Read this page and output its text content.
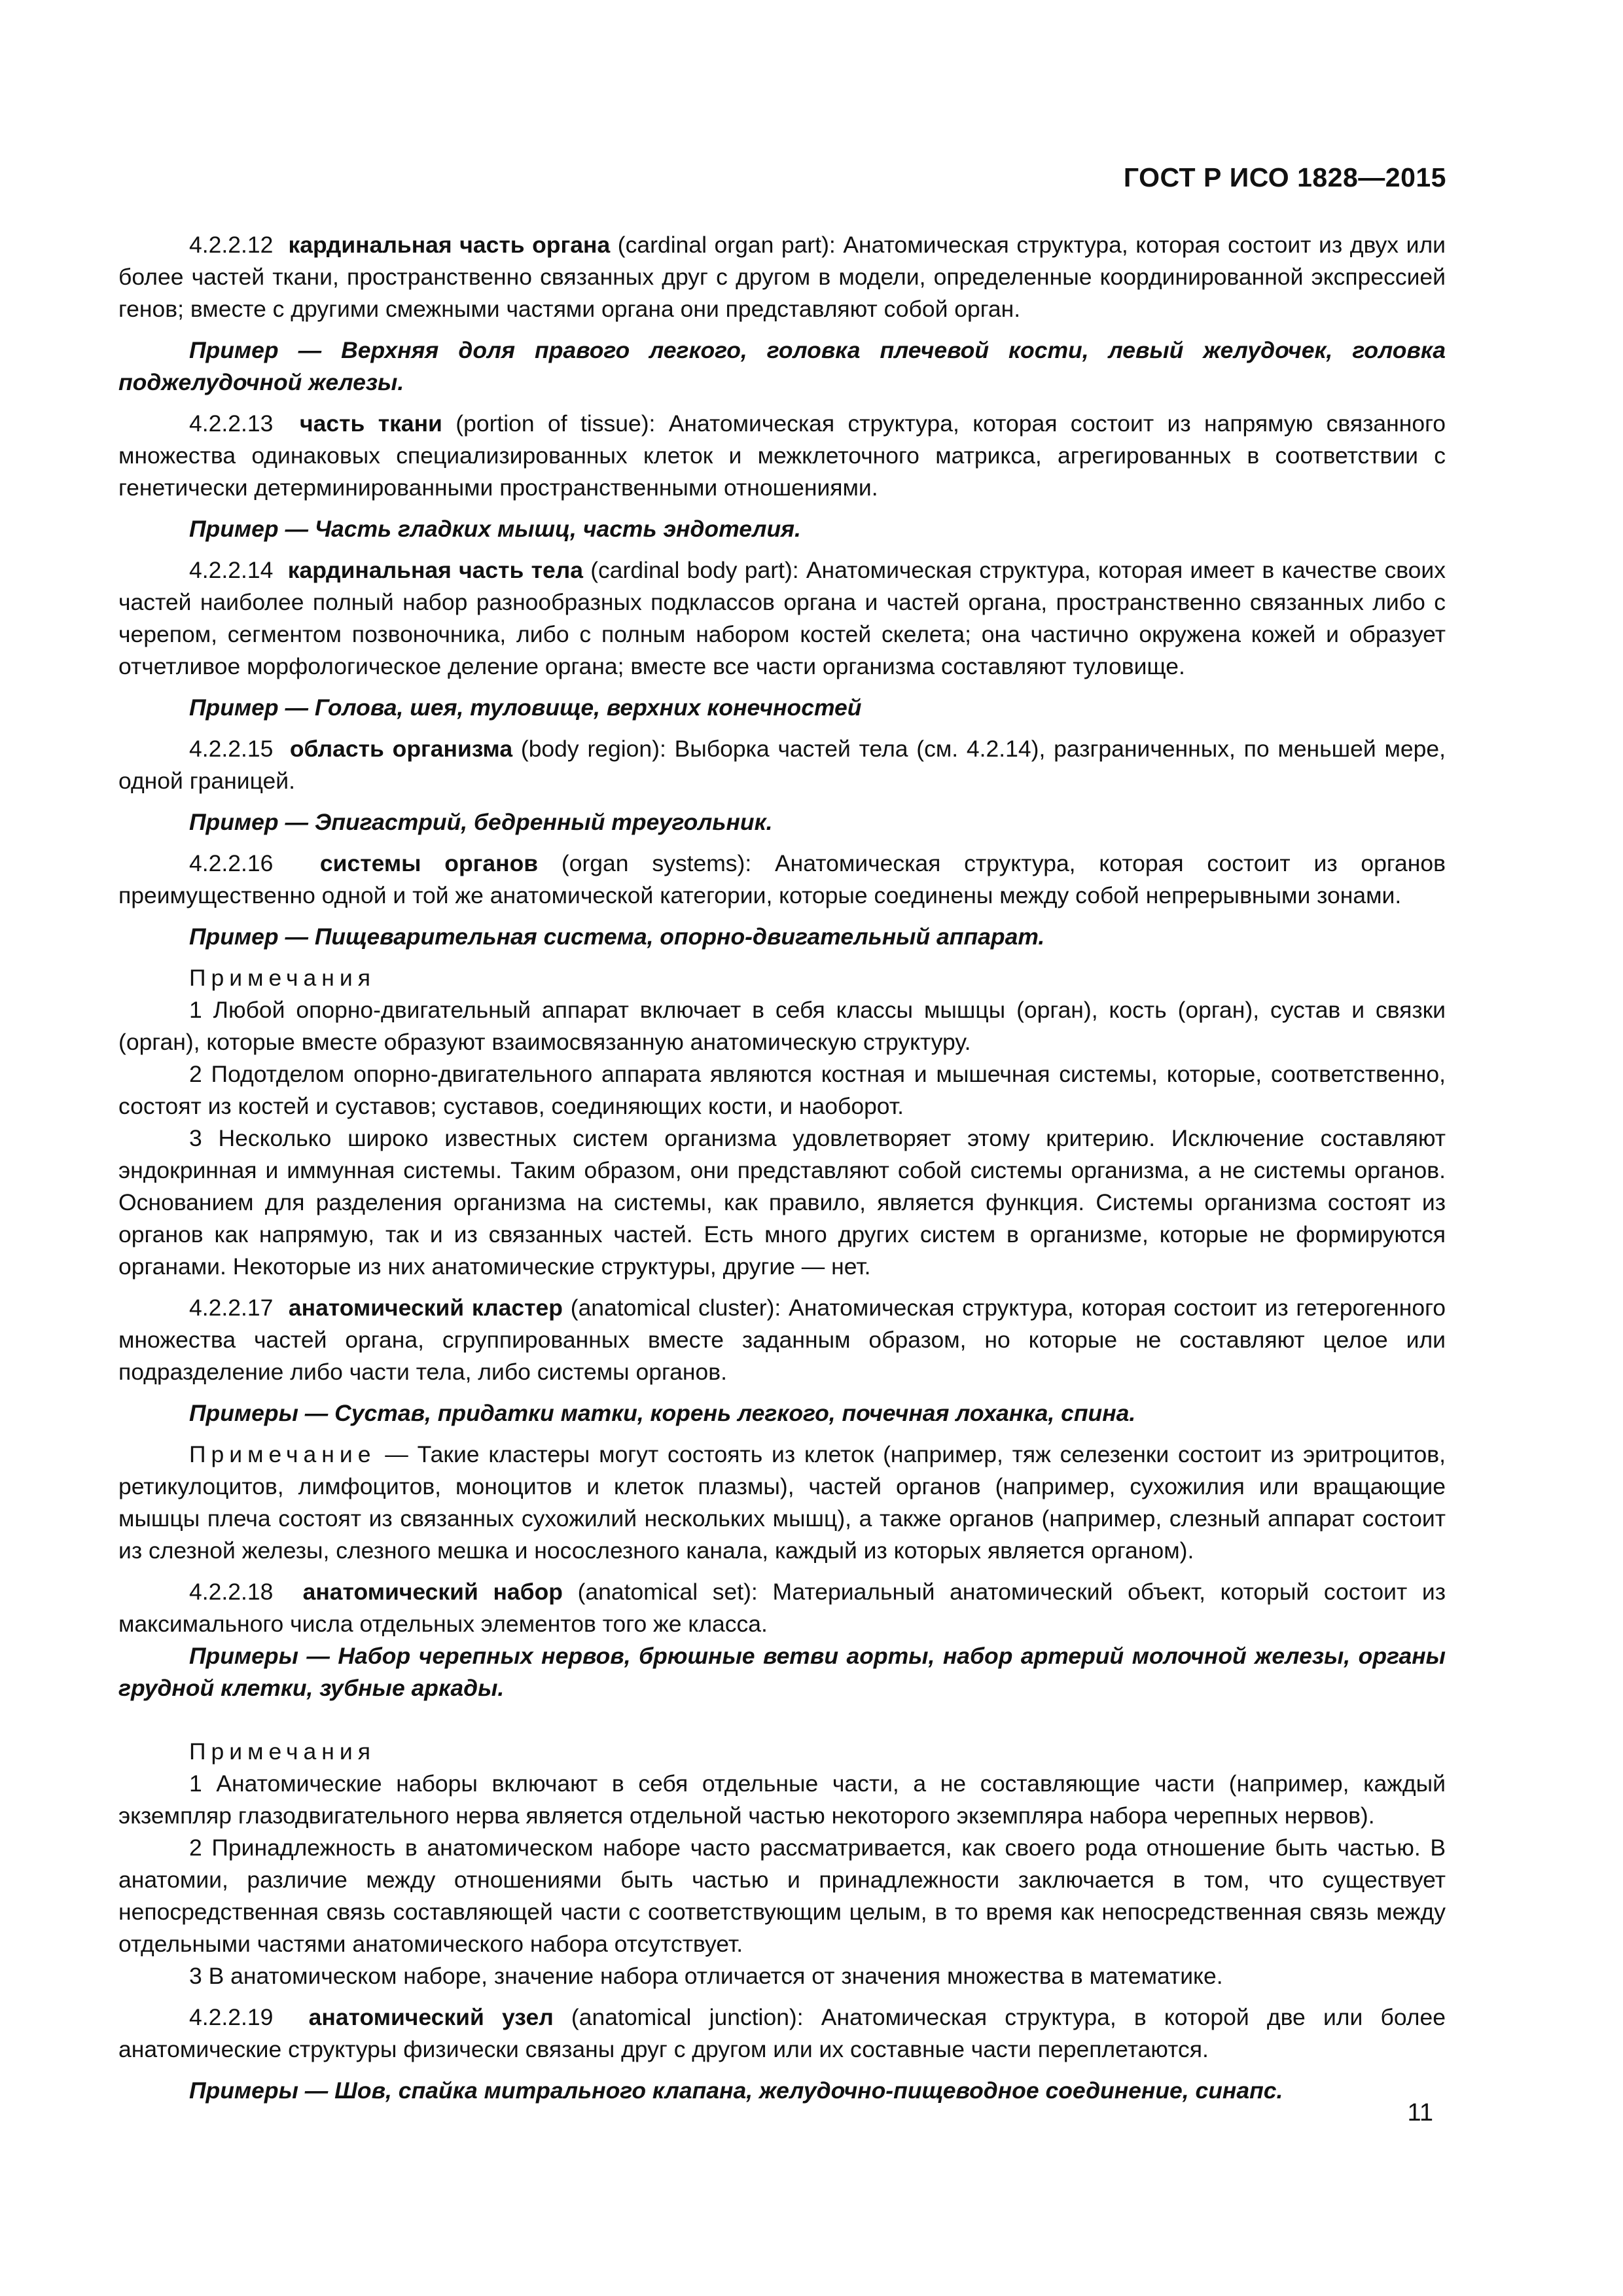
ГОСТ Р ИСО 1828—2015

4.2.2.12 кардинальная часть органа (cardinal organ part): Анатомическая структура, которая состоит из двух или более частей ткани, пространственно связанных друг с другом в модели, определенные координированной экспрессией генов; вместе с другими смежными частями органа они представляют собой орган.

Пример — Верхняя доля правого легкого, головка плечевой кости, левый желудочек, головка поджелудочной железы.

4.2.2.13 часть ткани (portion of tissue): Анатомическая структура, которая состоит из напрямую связанного множества одинаковых специализированных клеток и межклеточного матрикса, агрегированных в соответствии с генетически детерминированными пространственными отношениями.

Пример — Часть гладких мышц, часть эндотелия.

4.2.2.14 кардинальная часть тела (cardinal body part): Анатомическая структура, которая имеет в качестве своих частей наиболее полный набор разнообразных подклассов органа и частей органа, пространственно связанных либо с черепом, сегментом позвоночника, либо с полным набором костей скелета; она частично окружена кожей и образует отчетливое морфологическое деление органа; вместе все части организма составляют туловище.

Пример — Голова, шея, туловище, верхних конечностей

4.2.2.15 область организма (body region): Выборка частей тела (см. 4.2.14), разграниченных, по меньшей мере, одной границей.

Пример — Эпигастрий, бедренный треугольник.

4.2.2.16 системы органов (organ systems): Анатомическая структура, которая состоит из органов преимущественно одной и той же анатомической категории, которые соединены между собой непрерывными зонами.

Пример — Пищеварительная система, опорно-двигательный аппарат.

Примечания

1 Любой опорно-двигательный аппарат включает в себя классы мышцы (орган), кость (орган), сустав и связки (орган), которые вместе образуют взаимосвязанную анатомическую структуру.

2 Подотделом опорно-двигательного аппарата являются костная и мышечная системы, которые, соответственно, состоят из костей и суставов; суставов, соединяющих кости, и наоборот.

3 Несколько широко известных систем организма удовлетворяет этому критерию. Исключение составляют эндокринная и иммунная системы. Таким образом, они представляют собой системы организма, а не системы органов. Основанием для разделения организма на системы, как правило, является функция. Системы организма состоят из органов как напрямую, так и из связанных частей. Есть много других систем в организме, которые не формируются органами. Некоторые из них анатомические структуры, другие — нет.

4.2.2.17 анатомический кластер (anatomical cluster): Анатомическая структура, которая состоит из гетерогенного множества частей органа, сгруппированных вместе заданным образом, но которые не составляют целое или подразделение либо части тела, либо системы органов.

Примеры — Сустав, придатки матки, корень легкого, почечная лоханка, спина.

Примечание — Такие кластеры могут состоять из клеток (например, тяж селезенки состоит из эритроцитов, ретикулоцитов, лимфоцитов, моноцитов и клеток плазмы), частей органов (например, сухожилия или вращающие мышцы плеча состоят из связанных сухожилий нескольких мышц), а также органов (например, слезный аппарат состоит из слезной железы, слезного мешка и носослезного канала, каждый из которых является органом).

4.2.2.18 анатомический набор (anatomical set): Материальный анатомический объект, который состоит из максимального числа отдельных элементов того же класса.

Примеры — Набор черепных нервов, брюшные ветви аорты, набор артерий молочной железы, органы грудной клетки, зубные аркады.

Примечания

1 Анатомические наборы включают в себя отдельные части, а не составляющие части (например, каждый экземпляр глазодвигательного нерва является отдельной частью некоторого экземпляра набора черепных нервов).

2 Принадлежность в анатомическом наборе часто рассматривается, как своего рода отношение быть частью. В анатомии, различие между отношениями быть частью и принадлежности заключается в том, что существует непосредственная связь составляющей части с соответствующим целым, в то время как непосредственная связь между отдельными частями анатомического набора отсутствует.

3 В анатомическом наборе, значение набора отличается от значения множества в математике.

4.2.2.19 анатомический узел (anatomical junction): Анатомическая структура, в которой две или более анатомические структуры физически связаны друг с другом или их составные части переплетаются.

Примеры — Шов, спайка митрального клапана, желудочно-пищеводное соединение, синапс.

11
